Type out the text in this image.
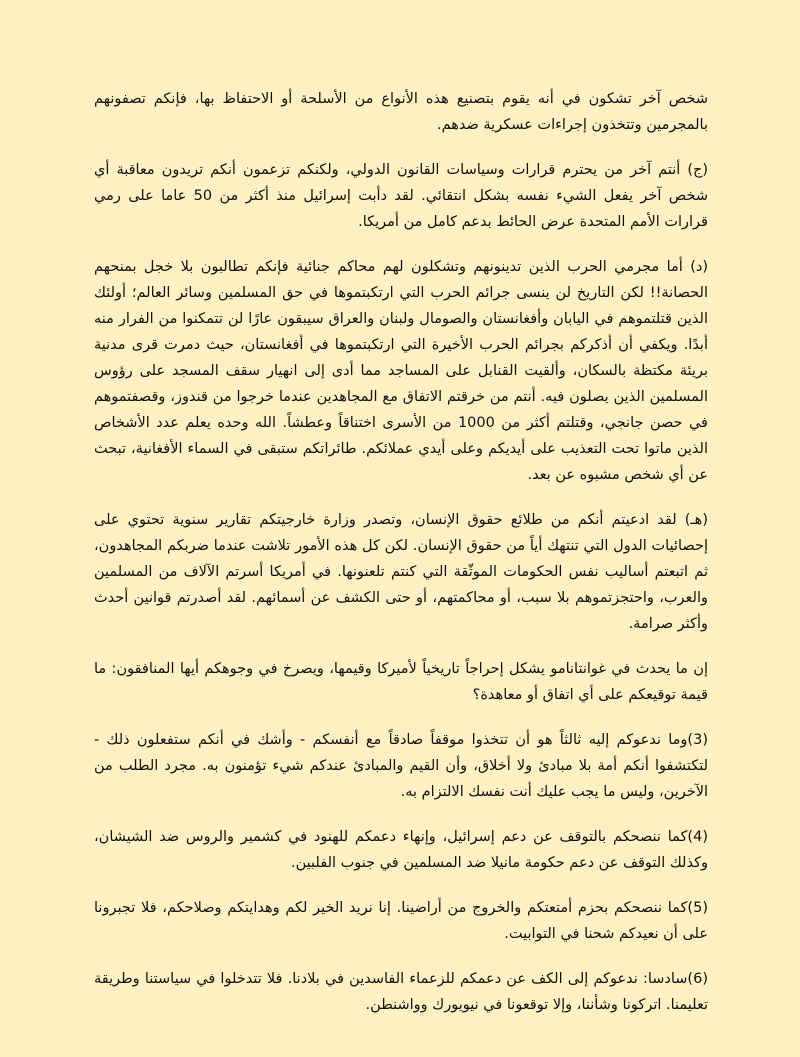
شخص آخر تشكون في أنه يقوم بتصنيع هذه الأنواع من الأسلحة أو الاحتفاظ بها، فإنكم تصفونهم بالمجرمين وتتخذون إجراءات عسكرية ضدهم.

(ج) أنتم آخر من يحترم قرارات وسياسات القانون الدولي، ولكنكم تزعمون أنكم تريدون معاقبة أي شخص آخر يفعل الشيء نفسه بشكل انتقائي. لقد دأبت إسرائيل منذ أكثر من 50 عاما على رمي قرارات الأمم المتحدة عرض الحائط بدعم كامل من أمريكا.

(د) أما مجرمي الحرب الذين تدينونهم وتشكلون لهم محاكم جنائية فإنكم تطالبون بلا خجل بمنحهم الحصانة!! لكن التاريخ لن ينسى جرائم الحرب التي ارتكبتموها في حق المسلمين وسائر العالم؛ أولئك الذين قتلتموهم في اليابان وأفغانستان والصومال ولبنان والعراق سيبقون عارًا لن تتمكنوا من الفرار منه أبدًا. ويكفي أن أذكركم بجرائم الحرب الأخيرة التي ارتكبتموها في أفغانستان، حيث دمرت قرى مدنية بريئة مكتظة بالسكان، وألقيت القنابل على المساجد مما أدى إلى انهيار سقف المسجد على رؤوس المسلمين الذين يصلون فيه. أنتم من خرقتم الاتفاق مع المجاهدين عندما خرجوا من قندوز، وقصفتموهم في حصن جانجي، وقتلتم أكثر من 1000 من الأسرى اختناقاً وعطشاً. الله وحده يعلم عدد الأشخاص الذين ماتوا تحت التعذيب على أيديكم وعلى أيدي عملائكم. طائراتكم ستبقى في السماء الأفغانية، تبحث عن أي شخص مشبوه عن بعد.

(هـ) لقد ادعيتم أنكم من طلائع حقوق الإنسان، وتصدر وزارة خارجيتكم تقارير سنوية تحتوي على إحصائيات الدول التي تنتهك أياً من حقوق الإنسان. لكن كل هذه الأمور تلاشت عندما ضربكم المجاهدون، ثم اتبعتم أساليب نفس الحكومات الموثّقة التي كنتم تلعنونها. في أمريكا أسرتم الآلاف من المسلمين والعرب، واحتجزتموهم بلا سبب، أو محاكمتهم، أو حتى الكشف عن أسمائهم. لقد أصدرتم قوانين أحدث وأكثر صرامة.

إن ما يحدث في غوانتانامو يشكل إحراجاً تاريخياً لأميركا وقيمها، ويصرخ في وجوهكم أيها المنافقون: ما قيمة توقيعكم على أي اتفاق أو معاهدة؟

(3)وما ندعوكم إليه ثالثاً هو أن تتخذوا موقفاً صادقاً مع أنفسكم - وأشك في أنكم ستفعلون ذلك - لتكتشفوا أنكم أمة بلا مبادئ ولا أخلاق، وأن القيم والمبادئ عندكم شيء تؤمنون به. مجرد الطلب من الآخرين، وليس ما يجب عليك أنت نفسك الالتزام به.

(4)كما ننصحكم بالتوقف عن دعم إسرائيل، وإنهاء دعمكم للهنود في كشمير والروس ضد الشيشان، وكذلك التوقف عن دعم حكومة مانيلا ضد المسلمين في جنوب الفلبين.

(5)كما ننصحكم بحزم أمتعتكم والخروج من أراضينا. إنا نريد الخير لكم وهدايتكم وصلاحكم، فلا تجبرونا على أن نعيدكم شحنا في التوابيت.

(6)سادسا: ندعوكم إلى الكف عن دعمكم للزعماء الفاسدين في بلادنا. فلا تتدخلوا في سياستنا وطريقة تعليمنا. اتركونا وشأننا، وإلا توقعونا في نيويورك وواشنطن.
